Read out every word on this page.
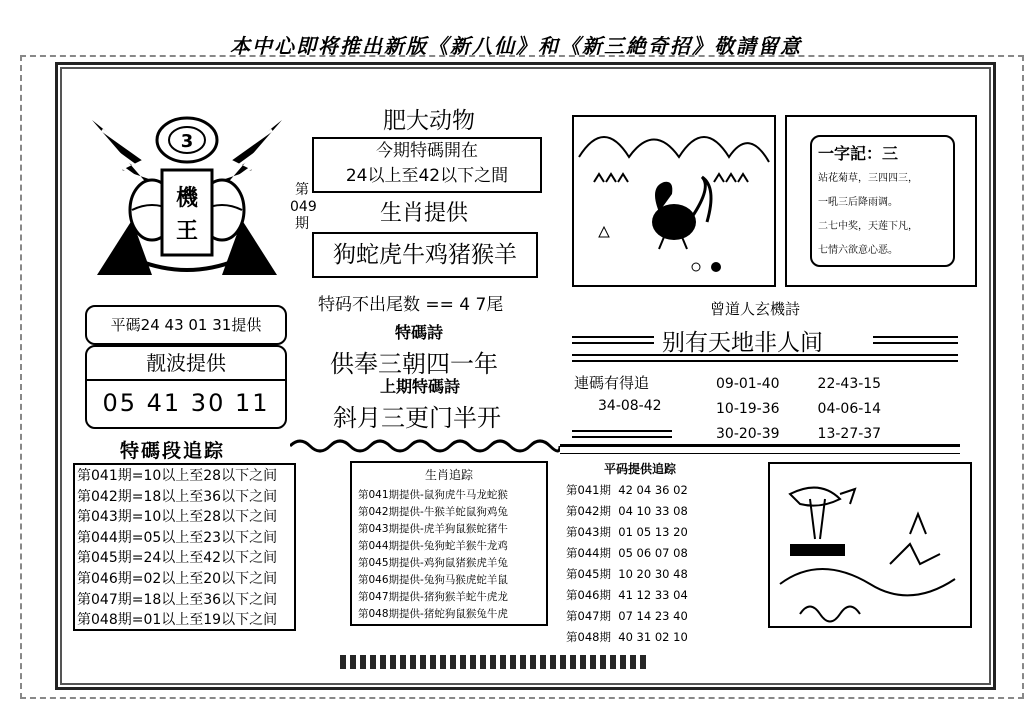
本中心即将推出新版《新八仙》和《新三絶奇招》敬請留意
3
機
王
第
049
期
肥大动物
今期特碼開在
24以上至42以下之間
生肖提供
狗蛇虎牛鸡猪猴羊
特码不出尾数 == 4 7尾
特碼詩
供奉三朝四一年
上期特碼詩
斜月三更门半开
平碼24 43 01 31提供
靓波提供
05 41 30 11
特碼段追踪
第041期=10以上至28以下之间
第042期=18以上至36以下之间
第043期=10以上至28以下之间
第044期=05以上至23以下之间
第045期=24以上至42以下之间
第046期=02以上至20以下之间
第047期=18以上至36以下之间
第048期=01以上至19以下之间
生肖追踪
第041期提供-鼠狗虎牛马龙蛇猴
第042期提供-牛猴羊蛇鼠狗鸡兔
第043期提供-虎羊狗鼠猴蛇猪牛
第044期提供-兔狗蛇羊猴牛龙鸡
第045期提供-鸡狗鼠猪猴虎羊兔
第046期提供-兔狗马猴虎蛇羊鼠
第047期提供-猪狗猴羊蛇牛虎龙
第048期提供-猪蛇狗鼠猴兔牛虎
一字記：三
站花菊草，三四四三，
一吼三后降雨调。
二七中奖，天莲下凡，
七情六欲意心恶。
曾道人玄機詩
别有天地非人间
連碼有得追
34-08-42
09-01-40	22-43-15
10-19-36	04-06-14
30-20-39	13-27-37
平码提供追踪
第041期 42 04 36 02
第042期 04 10 33 08
第043期 01 05 13 20
第044期 05 06 07 08
第045期 10 20 30 48
第046期 41 12 33 04
第047期 07 14 23 40
第048期 40 31 02 10
